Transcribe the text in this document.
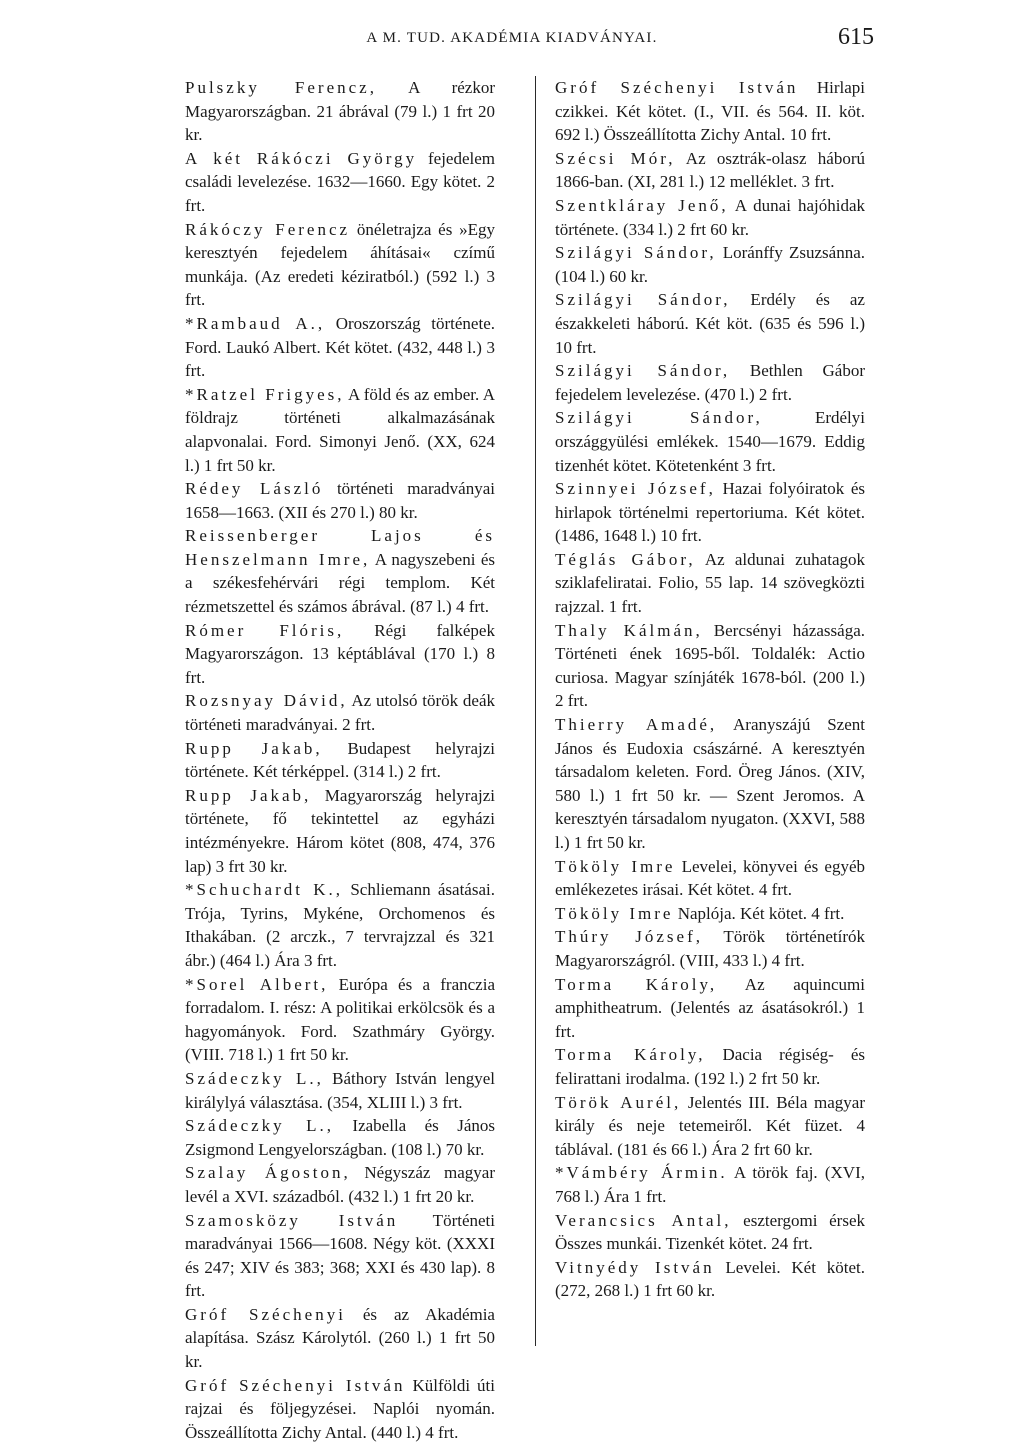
A M. TUD. AKADÉMIA KIADVÁNYAI.	615

Pulszky Ferencz, A rézkor Magyarországban. 21 ábrával (79 l.) 1 frt 20 kr.

A két Rákóczi György fejedelem családi levelezése. 1632—1660. Egy kötet. 2 frt.

Rákóczy Ferencz önéletrajza és »Egy keresztyén fejedelem áhításai« czímű munkája. (Az eredeti kéziratból.) (592 l.) 3 frt.

*Rambaud A., Oroszország története. Ford. Laukó Albert. Két kötet. (432, 448 l.) 3 frt.

*Ratzel Frigyes, A föld és az ember. A földrajz történeti alkalmazásának alapvonalai. Ford. Simonyi Jenő. (XX, 624 l.) 1 frt 50 kr.

Rédey László történeti maradványai 1658—1663. (XII és 270 l.) 80 kr.

Reissenberger Lajos és Henszelmann Imre, A nagyszebeni és a székesfehérvári régi templom. Két rézmetszettel és számos ábrával. (87 l.) 4 frt.

Rómer Flóris, Régi falképek Magyarországon. 13 képtáblával (170 l.) 8 frt.

Rozsnyay Dávid, Az utolsó török deák történeti maradványai. 2 frt.

Rupp Jakab, Budapest helyrajzi története. Két térképpel. (314 l.) 2 frt.

Rupp Jakab, Magyarország helyrajzi története, fő tekintettel az egyházi intézményekre. Három kötet (808, 474, 376 lap) 3 frt 30 kr.

*Schuchardt K., Schliemann ásatásai. Trója, Tyrins, Mykéne, Orchomenos és Ithakában. (2 arczk., 7 tervrajzzal és 321 ábr.) (464 l.) Ára 3 frt.

*Sorel Albert, Európa és a franczia forradalom. I. rész: A politikai erkölcsök és a hagyományok. Ford. Szathmáry György. (VIII. 718 l.) 1 frt 50 kr.

Szádeczky L., Báthory István lengyel királylyá választása. (354, XLIII l.) 3 frt.

Szádeczky L., Izabella és János Zsigmond Lengyelországban. (108 l.) 70 kr.

Szalay Ágoston, Négyszáz magyar levél a XVI. századból. (432 l.) 1 frt 20 kr.

Szamosközy István Történeti maradványai 1566—1608. Négy köt. (XXXI és 247; XIV és 383; 368; XXI és 430 lap). 8 frt.

Gróf Széchenyi és az Akadémia alapítása. Szász Károlytól. (260 l.) 1 frt 50 kr.

Gróf Széchenyi István Külföldi úti rajzai és följegyzései. Naplói nyomán. Összeállította Zichy Antal. (440 l.) 4 frt.

Gróf Széchenyi István Hirlapi czikkei. Két kötet. (I., VII. és 564. II. köt. 692 l.) Összeállította Zichy Antal. 10 frt.

Szécsi Mór, Az osztrák-olasz háború 1866-ban. (XI, 281 l.) 12 melléklet. 3 frt.

Szentkláray Jenő, A dunai hajóhidak története. (334 l.) 2 frt 60 kr.

Szilágyi Sándor, Loránffy Zsuzsánna. (104 l.) 60 kr.

Szilágyi Sándor, Erdély és az északkeleti háború. Két köt. (635 és 596 l.) 10 frt.

Szilágyi Sándor, Bethlen Gábor fejedelem levelezése. (470 l.) 2 frt.

Szilágyi Sándor, Erdélyi országgyülési emlékek. 1540—1679. Eddig tizenhét kötet. Kötetenként 3 frt.

Szinnyei József, Hazai folyóiratok és hirlapok történelmi repertoriuma. Két kötet. (1486, 1648 l.) 10 frt.

Téglás Gábor, Az aldunai zuhatagok sziklafeliratai. Folio, 55 lap. 14 szövegközti rajzzal. 1 frt.

Thaly Kálmán, Bercsényi házassága. Történeti ének 1695-ből. Toldalék: Actio curiosa. Magyar színjáték 1678-ból. (200 l.) 2 frt.

Thierry Amadé, Aranyszájú Szent János és Eudoxia császárné. A keresztyén társadalom keleten. Ford. Öreg János. (XIV, 580 l.) 1 frt 50 kr. — Szent Jeromos. A keresztyén társadalom nyugaton. (XXVI, 588 l.) 1 frt 50 kr.

Tököly Imre Levelei, könyvei és egyéb emlékezetes irásai. Két kötet. 4 frt.

Tököly Imre Naplója. Két kötet. 4 frt.

Thúry József, Török történetírók Magyarországról. (VIII, 433 l.) 4 frt.

Torma Károly, Az aquincumi amphitheatrum. (Jelentés az ásatásokról.) 1 frt.

Torma Károly, Dacia régiség- és felirattani irodalma. (192 l.) 2 frt 50 kr.

Török Aurél, Jelentés III. Béla magyar király és neje tetemeiről. Két füzet. 4 táblával. (181 és 66 l.) Ára 2 frt 60 kr.

*Vámbéry Ármin. A török faj. (XVI, 768 l.) Ára 1 frt.

Verancsics Antal, esztergomi érsek Összes munkái. Tizenkét kötet. 24 frt.

Vitnyédy István Levelei. Két kötet. (272, 268 l.) 1 frt 60 kr.
